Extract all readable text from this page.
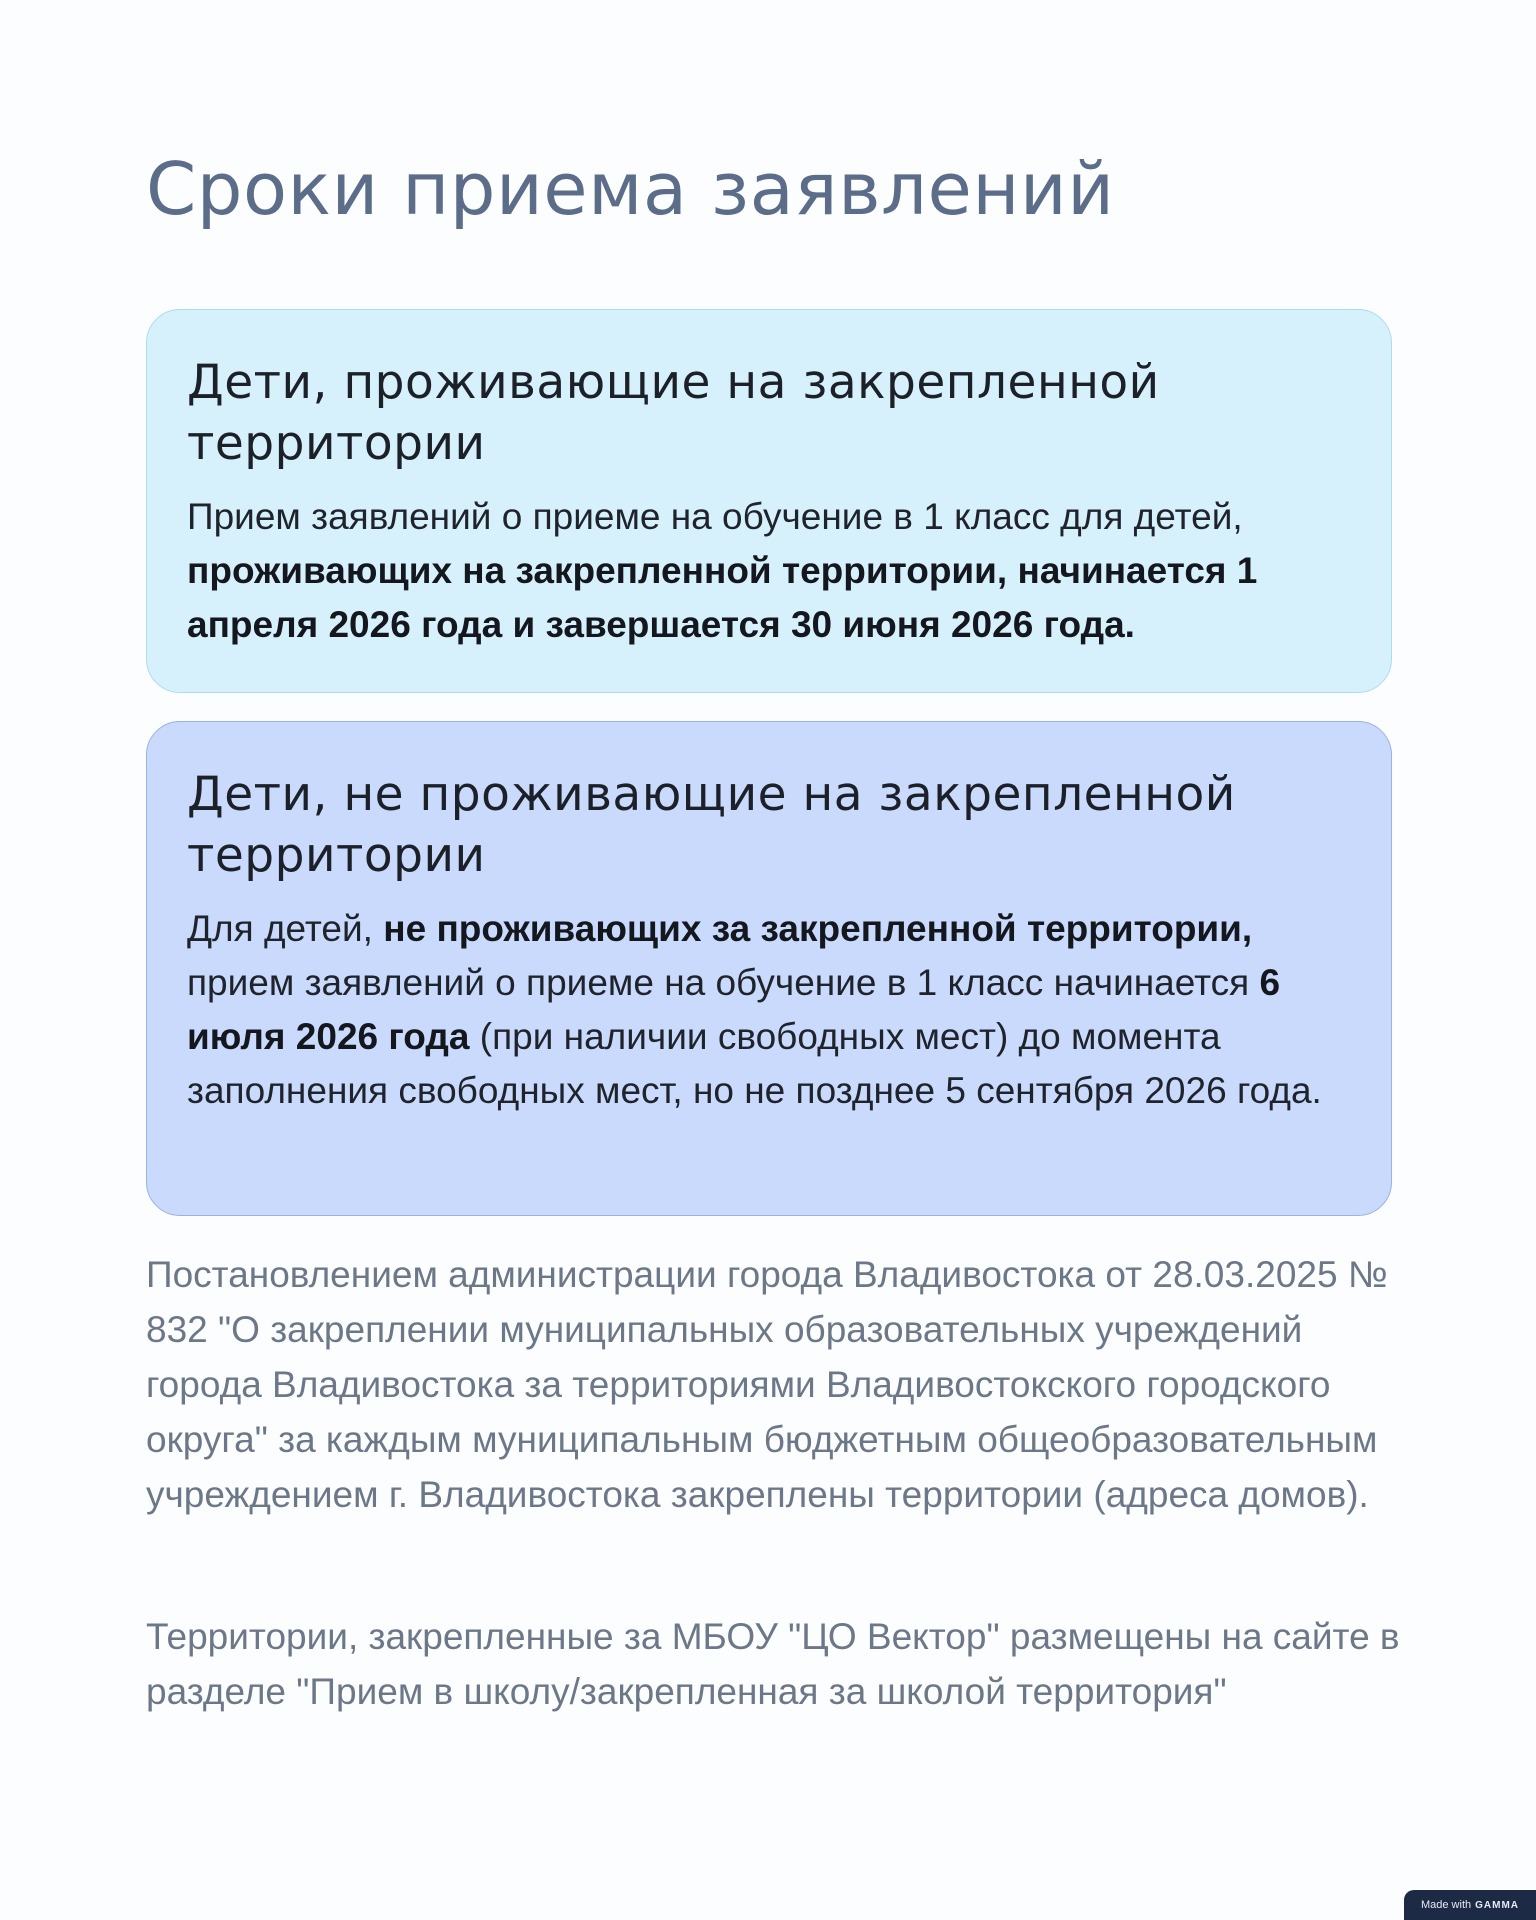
Сроки приема заявлений
Дети, проживающие на закрепленной территории

Прием заявлений о приеме на обучение в 1 класс для детей, проживающих на закрепленной территории, начинается 1 апреля 2026 года и завершается 30 июня 2026 года.

Дети, не проживающие на закрепленной территории

Для детей, не проживающих за закрепленной территории, прием заявлений о приеме на обучение в 1 класс начинается 6 июля 2026 года (при наличии свободных мест) до момента заполнения свободных мест, но не позднее 5 сентября 2026 года.

Постановлением администрации города Владивостока от 28.03.2025 № 832 "О закреплении муниципальных образовательных учреждений города Владивостока за территориями Владивостокского городского округа" за каждым муниципальным бюджетным общеобразовательным учреждением г. Владивостока закреплены территории (адреса домов).

Территории, закрепленные за МБОУ "ЦО Вектор" размещены на сайте в разделе "Прием в школу/закрепленная за школой территория"

Made with GAMMA
